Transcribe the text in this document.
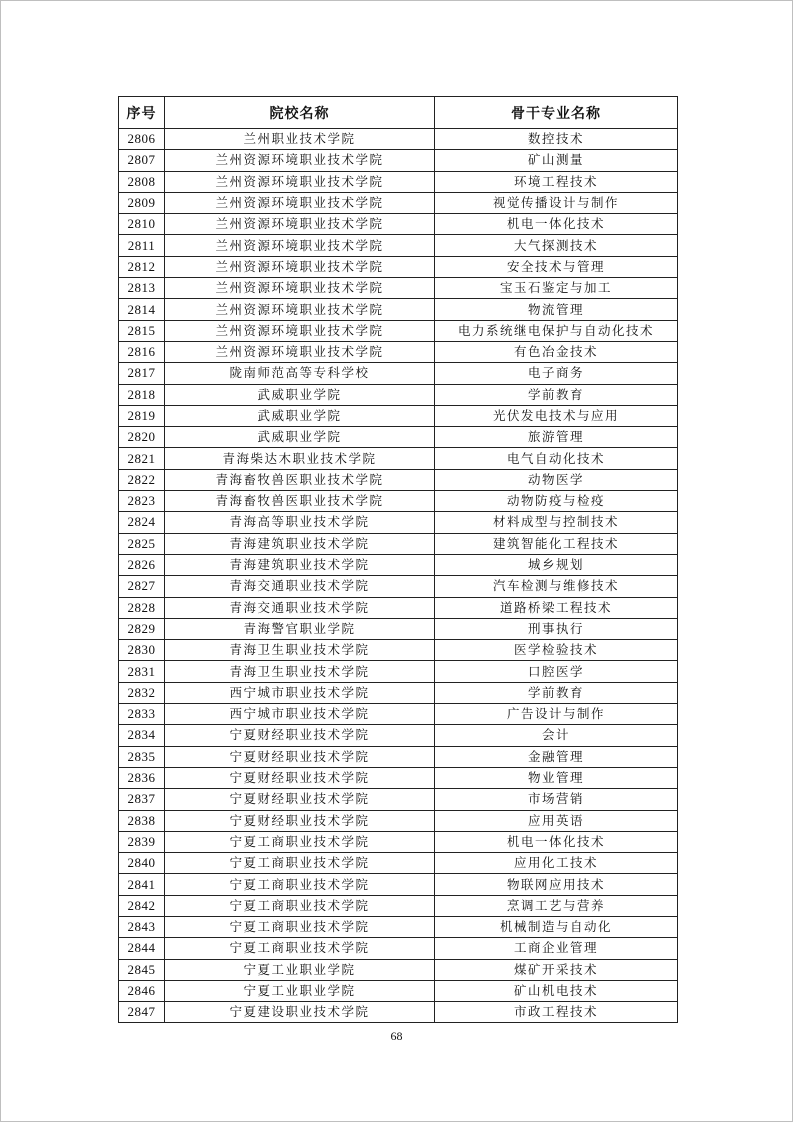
序号	院校名称	骨干专业名称
2806	兰州职业技术学院	数控技术
2807	兰州资源环境职业技术学院	矿山测量
2808	兰州资源环境职业技术学院	环境工程技术
2809	兰州资源环境职业技术学院	视觉传播设计与制作
2810	兰州资源环境职业技术学院	机电一体化技术
2811	兰州资源环境职业技术学院	大气探测技术
2812	兰州资源环境职业技术学院	安全技术与管理
2813	兰州资源环境职业技术学院	宝玉石鉴定与加工
2814	兰州资源环境职业技术学院	物流管理
2815	兰州资源环境职业技术学院	电力系统继电保护与自动化技术
2816	兰州资源环境职业技术学院	有色冶金技术
2817	陇南师范高等专科学校	电子商务
2818	武威职业学院	学前教育
2819	武威职业学院	光伏发电技术与应用
2820	武威职业学院	旅游管理
2821	青海柴达木职业技术学院	电气自动化技术
2822	青海畜牧兽医职业技术学院	动物医学
2823	青海畜牧兽医职业技术学院	动物防疫与检疫
2824	青海高等职业技术学院	材料成型与控制技术
2825	青海建筑职业技术学院	建筑智能化工程技术
2826	青海建筑职业技术学院	城乡规划
2827	青海交通职业技术学院	汽车检测与维修技术
2828	青海交通职业技术学院	道路桥梁工程技术
2829	青海警官职业学院	刑事执行
2830	青海卫生职业技术学院	医学检验技术
2831	青海卫生职业技术学院	口腔医学
2832	西宁城市职业技术学院	学前教育
2833	西宁城市职业技术学院	广告设计与制作
2834	宁夏财经职业技术学院	会计
2835	宁夏财经职业技术学院	金融管理
2836	宁夏财经职业技术学院	物业管理
2837	宁夏财经职业技术学院	市场营销
2838	宁夏财经职业技术学院	应用英语
2839	宁夏工商职业技术学院	机电一体化技术
2840	宁夏工商职业技术学院	应用化工技术
2841	宁夏工商职业技术学院	物联网应用技术
2842	宁夏工商职业技术学院	烹调工艺与营养
2843	宁夏工商职业技术学院	机械制造与自动化
2844	宁夏工商职业技术学院	工商企业管理
2845	宁夏工业职业学院	煤矿开采技术
2846	宁夏工业职业学院	矿山机电技术
2847	宁夏建设职业技术学院	市政工程技术
68
